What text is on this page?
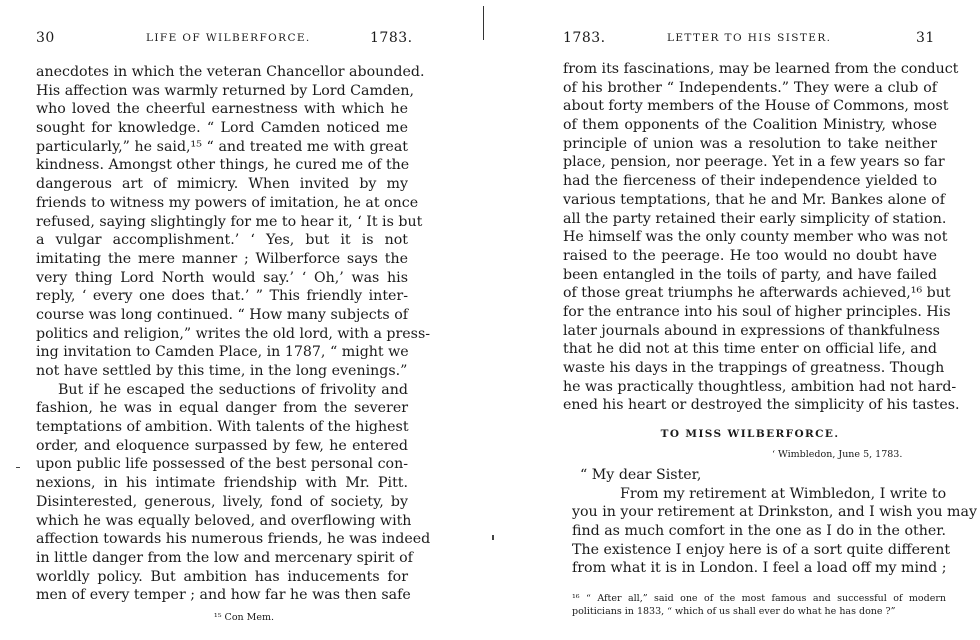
30	LIFE OF WILBERFORCE.	1783.
anecdotes in which the veteran Chancellor abounded.
His affection was warmly returned by Lord Camden,
who loved the cheerful earnestness with which he
sought for knowledge. “ Lord Camden noticed me
particularly,” he said,¹⁵ “ and treated me with great
kindness. Amongst other things, he cured me of the
dangerous art of mimicry. When invited by my
friends to witness my powers of imitation, he at once
refused, saying slightingly for me to hear it, ‘ It is but
a vulgar accomplishment.’ ‘ Yes, but it is not
imitating the mere manner ; Wilberforce says the
very thing Lord North would say.’ ‘ Oh,’ was his
reply, ‘ every one does that.’ ” This friendly inter-
course was long continued. “ How many subjects of
politics and religion,” writes the old lord, with a press-
ing invitation to Camden Place, in 1787, “ might we
not have settled by this time, in the long evenings.”
But if he escaped the seductions of frivolity and
fashion, he was in equal danger from the severer
temptations of ambition. With talents of the highest
order, and eloquence surpassed by few, he entered
upon public life possessed of the best personal con-
nexions, in his intimate friendship with Mr. Pitt.
Disinterested, generous, lively, fond of society, by
which he was equally beloved, and overflowing with
affection towards his numerous friends, he was indeed
in little danger from the low and mercenary spirit of
worldly policy. But ambition has inducements for
men of every temper ; and how far he was then safe
¹⁵ Con Mem.
1783.	LETTER TO HIS SISTER.	31
from its fascinations, may be learned from the conduct
of his brother “ Independents.” They were a club of
about forty members of the House of Commons, most
of them opponents of the Coalition Ministry, whose
principle of union was a resolution to take neither
place, pension, nor peerage. Yet in a few years so far
had the fierceness of their independence yielded to
various temptations, that he and Mr. Bankes alone of
all the party retained their early simplicity of station.
He himself was the only county member who was not
raised to the peerage. He too would no doubt have
been entangled in the toils of party, and have failed
of those great triumphs he afterwards achieved,¹⁶ but
for the entrance into his soul of higher principles. His
later journals abound in expressions of thankfulness
that he did not at this time enter on official life, and
waste his days in the trappings of greatness. Though
he was practically thoughtless, ambition had not hard-
ened his heart or destroyed the simplicity of his tastes.
TO MISS WILBERFORCE.
‘ Wimbledon, June 5, 1783.
“ My dear Sister,
From my retirement at Wimbledon, I write to
you in your retirement at Drinkston, and I wish you may
find as much comfort in the one as I do in the other.
The existence I enjoy here is of a sort quite different
from what it is in London. I feel a load off my mind ;
¹⁶ “ After all,” said one of the most famous and successful of modern
politicians in 1833, “ which of us shall ever do what he has done ?”
